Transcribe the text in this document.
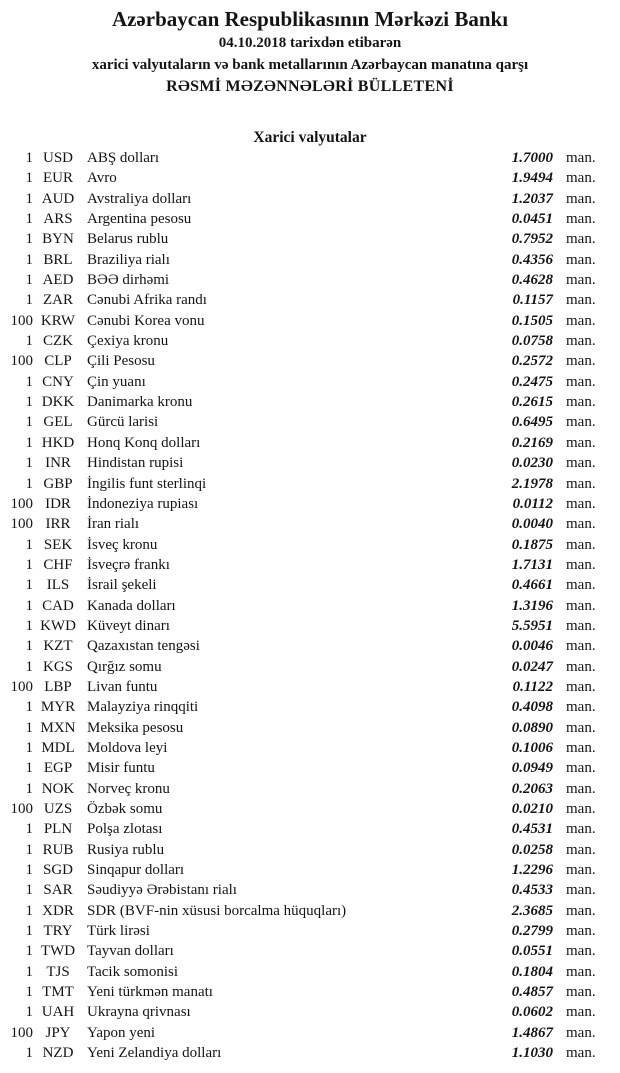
Azərbaycan Respublikasının Mərkəzi Bankı
04.10.2018 tarixdən etibarən
xarici valyutaların və bank metallarının Azərbaycan manatına qarşı
RƏSMİ MƏZƏNNƏLƏRİ BÜLLETENİ
Xarici valyutalar
1 USD ABŞ dolları	1.7000 man.
1 EUR Avro	1.9494 man.
1 AUD Avstraliya dolları	1.2037 man.
1 ARS Argentina pesosu	0.0451 man.
1 BYN Belarus rublu	0.7952 man.
1 BRL Braziliya rialı	0.4356 man.
1 AED BƏƏ dirhəmi	0.4628 man.
1 ZAR Cənubi Afrika randı	0.1157 man.
100 KRW Cənubi Korea vonu	0.1505 man.
1 CZK Çexiya kronu	0.0758 man.
100 CLP	Çili Pesosu	0.2572 man.
1 CNY Çin yuanı	0.2475 man.
1 DKK Danimarka kronu	0.2615 man.
1 GEL Gürcü larisi	0.6495 man.
1 HKD Honq Konq dolları	0.2169 man.
1 INR	Hindistan rupisi	0.0230 man.
1 GBP İngilis funt sterlinqi	2.1978 man.
100 IDR	İndoneziya rupiası	0.0112 man.
100 IRR	İran rialı	0.0040 man.
1 SEK İsveç kronu	0.1875 man.
1 CHF İsveçrə frankı	1.7131 man.
1 ILS	İsrail şekeli	0.4661 man.
1 CAD Kanada dolları	1.3196 man.
1 KWD Küveyt dinarı	5.5951 man.
1 KZT Qazaxıstan tengəsi	0.0046 man.
1 KGS Qırğız somu	0.0247 man.
100 LBP	Livan funtu	0.1122 man.
1 MYR Malayziya rinqqiti	0.4098 man.
1 MXN Meksika pesosu	0.0890 man.
1 MDL Moldova leyi	0.1006 man.
1 EGP Misir funtu	0.0949 man.
1 NOK Norveç kronu	0.2063 man.
100 UZS Özbək somu	0.0210 man.
1 PLN Polşa zlotası	0.4531 man.
1 RUB Rusiya rublu	0.0258 man.
1 SGD Sinqapur dolları	1.2296 man.
1 SAR Səudiyyə Ərəbistanı rialı	0.4533 man.
1 XDR SDR (BVF-nin xüsusi borcalma hüquqları)	2.3685 man.
1 TRY Türk lirəsi	0.2799 man.
1 TWD Tayvan dolları	0.0551 man.
1 TJS	Tacik somonisi	0.1804 man.
1 TMT Yeni türkmən manatı	0.4857 man.
1 UAH Ukrayna qrivnası	0.0602 man.
100 JPY	Yapon yeni	1.4867 man.
1 NZD Yeni Zelandiya dolları	1.1030 man.
